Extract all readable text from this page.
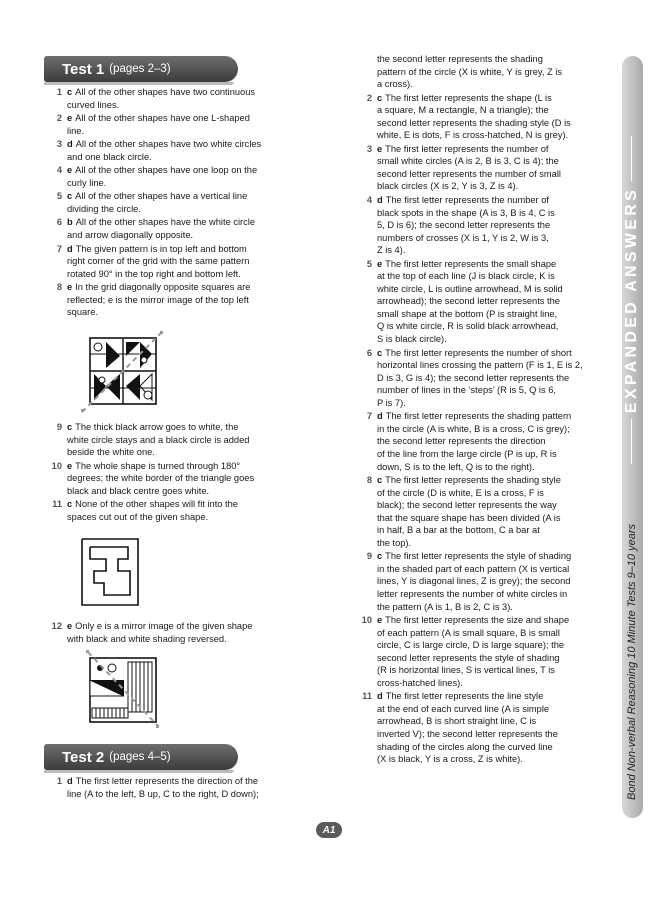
Test 1 (pages 2–3)
1 c All of the other shapes have two continuous
curved lines.
2 e All of the other shapes have one L-shaped
line.
3 d All of the other shapes have two white circles
and one black circle.
4 e All of the other shapes have one loop on the
curly line.
5 c All of the other shapes have a vertical line
dividing the circle.
6 b All of the other shapes have the white circle
and arrow diagonally opposite.
7 d The given pattern is in top left and bottom
right corner of the grid with the same pattern
rotated 90° in the top right and bottom left.
8 e In the grid diagonally opposite squares are
reflected; e is the mirror image of the top left
square.
9 c The thick black arrow goes to white, the
white circle stays and a black circle is added
beside the white one.
10 e The whole shape is turned through 180°
degrees; the white border of the triangle goes
black and black centre goes white.
11 c None of the other shapes will fit into the
spaces cut out of the given shape.
12 e Only e is a mirror image of the given shape
with black and white shading reversed.
Test 2 (pages 4–5)
1 d The first letter represents the direction of the
line (A to the left, B up, C to the right, D down);
the second letter represents the shading
pattern of the circle (X is white, Y is grey, Z is
a cross).
2 c The first letter represents the shape (L is
a square, M a rectangle, N a triangle); the
second letter represents the shading style (D is
white, E is dots, F is cross-hatched, N is grey).
3 e The first letter represents the number of
small white circles (A is 2, B is 3, C is 4); the
second letter represents the number of small
black circles (X is 2, Y is 3, Z is 4).
4 d The first letter represents the number of
black spots in the shape (A is 3, B is 4, C is
5, D is 6); the second letter represents the
numbers of crosses (X is 1, Y is 2, W is 3,
Z is 4).
5 e The first letter represents the small shape
at the top of each line (J is black circle, K is
white circle, L is outline arrowhead, M is solid
arrowhead); the second letter represents the
small shape at the bottom (P is straight line,
Q is white circle, R is solid black arrowhead,
S is black circle).
6 c The first letter represents the number of short
horizontal lines crossing the pattern (F is 1, E is 2,
D is 3, G is 4); the second letter represents the
number of lines in the ‘steps’ (R is 5, Q is 6,
P is 7).
7 d The first letter represents the shading pattern
in the circle (A is white, B is a cross, C is grey);
the second letter represents the direction
of the line from the large circle (P is up, R is
down, S is to the left, Q is to the right).
8 c The first letter represents the shading style
of the circle (D is white, E is a cross, F is
black); the second letter represents the way
that the square shape has been divided (A is
in half, B a bar at the bottom, C a bar at
the top).
9 c The first letter represents the style of shading
in the shaded part of each pattern (X is vertical
lines, Y is diagonal lines, Z is grey); the second
letter represents the number of white circles in
the pattern (A is 1, B is 2, C is 3).
10 e The first letter represents the size and shape
of each pattern (A is small square, B is small
circle, C is large circle, D is large square); the
second letter represents the style of shading
(R is horizontal lines, S is vertical lines, T is
cross-hatched lines).
11 d The first letter represents the line style
at the end of each curved line (A is simple
arrowhead, B is short straight line, C is
inverted V); the second letter represents the
shading of the circles along the curved line
(X is black, Y is a cross, Z is white).
EXPANDED ANSWERS
Bond Non-verbal Reasoning 10 Minute Tests 9–10 years
A1
